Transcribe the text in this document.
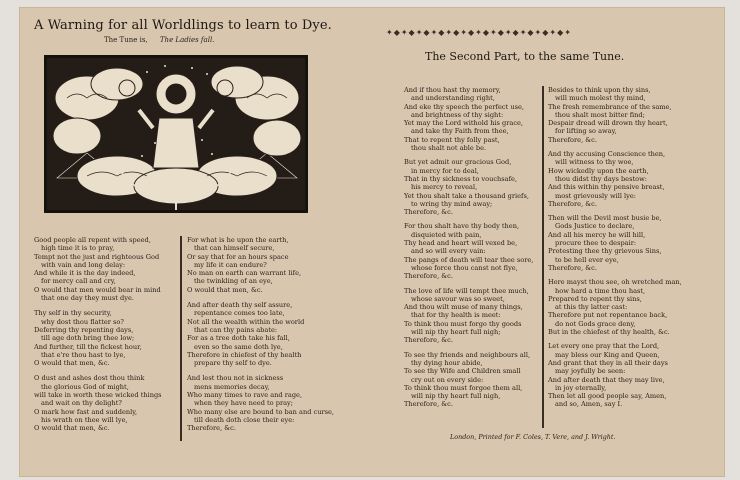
A Warning for all Worldlings to learn to Dye.
The Tune is, The Ladies fall.
Good people all repent with speed,
high time it is to pray,
Tempt not the just and righteous God
with vain and long delay:
And while it is the day indeed,
for mercy call and cry,
O would that men would bear in mind
that one day they must dye.
Thy self in thy security,
why dost thou flatter so?
Deferring thy repenting days,
till age doth bring thee low;
And further, till the fickest hour,
that e're thou hast to lye,
O would that men, &c.
O dust and ashes dost thou think
the glorious God of might,
will take in worth these wicked things
and wait on thy delight?
O mark how fast and suddenly,
his wrath on thee will lye,
O would that men, &c.
For what is he upon the earth,
that can himself secure,
Or say that for an hours space
my life it can endure?
No man on earth can warrant life,
the twinkling of an eye,
O would that men, &c.
And after death thy self assure,
repentance comes too late,
Not all the wealth within the world
that can thy pains abate:
For as a tree doth take his fall,
even so the same doth lye,
Therefore in chiefest of thy health
prepare thy self to dye.
And lest thou not in sickness
mens memories decay,
Who many times to rave and rage,
when they have need to pray;
Who many else are bound to ban and curse,
till death doth close their eye:
Therefore, &c.
✦◆✦◆✦◆✦◆✦◆✦◆✦◆✦◆✦◆✦◆✦◆✦◆✦
The Second Part, to the same Tune.
And if thou hast thy memory,
and understanding right,
And eke thy speech the perfect use,
and brightness of thy sight:
Yet may the Lord withold his grace,
and take thy Faith from thee,
That to repent thy folly past,
thou shalt not able be.
But yet admit our gracious God,
in mercy for to deal,
That in thy sickness to vouchsafe,
his mercy to reveal,
Yet thou shalt take a thousand griefs,
to wring thy mind away;
Therefore, &c.
For thou shalt have thy body then,
disquieted with pain,
Thy head and heart will vexed be,
and so will every vain:
The pangs of death will tear thee sore,
whose force thou canst not flye,
Therefore, &c.
The love of life will tempt thee much,
whose savour was so sweet,
And thou wilt muse of many things,
that for thy health is meet:
To think thou must forgo thy goods
will nip thy heart full nigh;
Therefore, &c.
To see thy friends and neighbours all,
thy dying hour abide,
To see thy Wife and Children small
cry out on every side:
To think thou must forgoe them all,
will nip thy heart full nigh,
Therefore, &c.
Besides to think upon thy sins,
will much molest thy mind,
The fresh remembrance of the same,
thou shalt most bitter find;
Despair dread will drown thy heart,
for lifting so away,
Therefore, &c.
And thy accusing Conscience then,
will witness to thy woe,
How wickedly upon the earth,
thou didst thy days bestow:
And this within thy pensive breast,
most grievously will lye:
Therefore, &c.
Then will the Devil most busie be,
Gods Justice to declare,
And all his mercy he will hill,
procure thee to despair:
Protesting thee thy grievous Sins,
to be hell ever eye,
Therefore, &c.
Here mayst thou see, oh wretched man,
how hard a time thou hast,
Prepared to repent thy sins,
at this thy latter cast:
Therefore put not repentance back,
do not Gods grace deny,
But in the chiefest of thy health, &c.
Let every one pray that the Lord,
may bless our King and Queen,
And grant that they in all their days
may joyfully be seen:
And after death that they may live,
in joy eternally,
Then let all good people say, Amen,
and so, Amen, say I.
London, Printed for F. Coles, T. Vere, and J. Wright.
